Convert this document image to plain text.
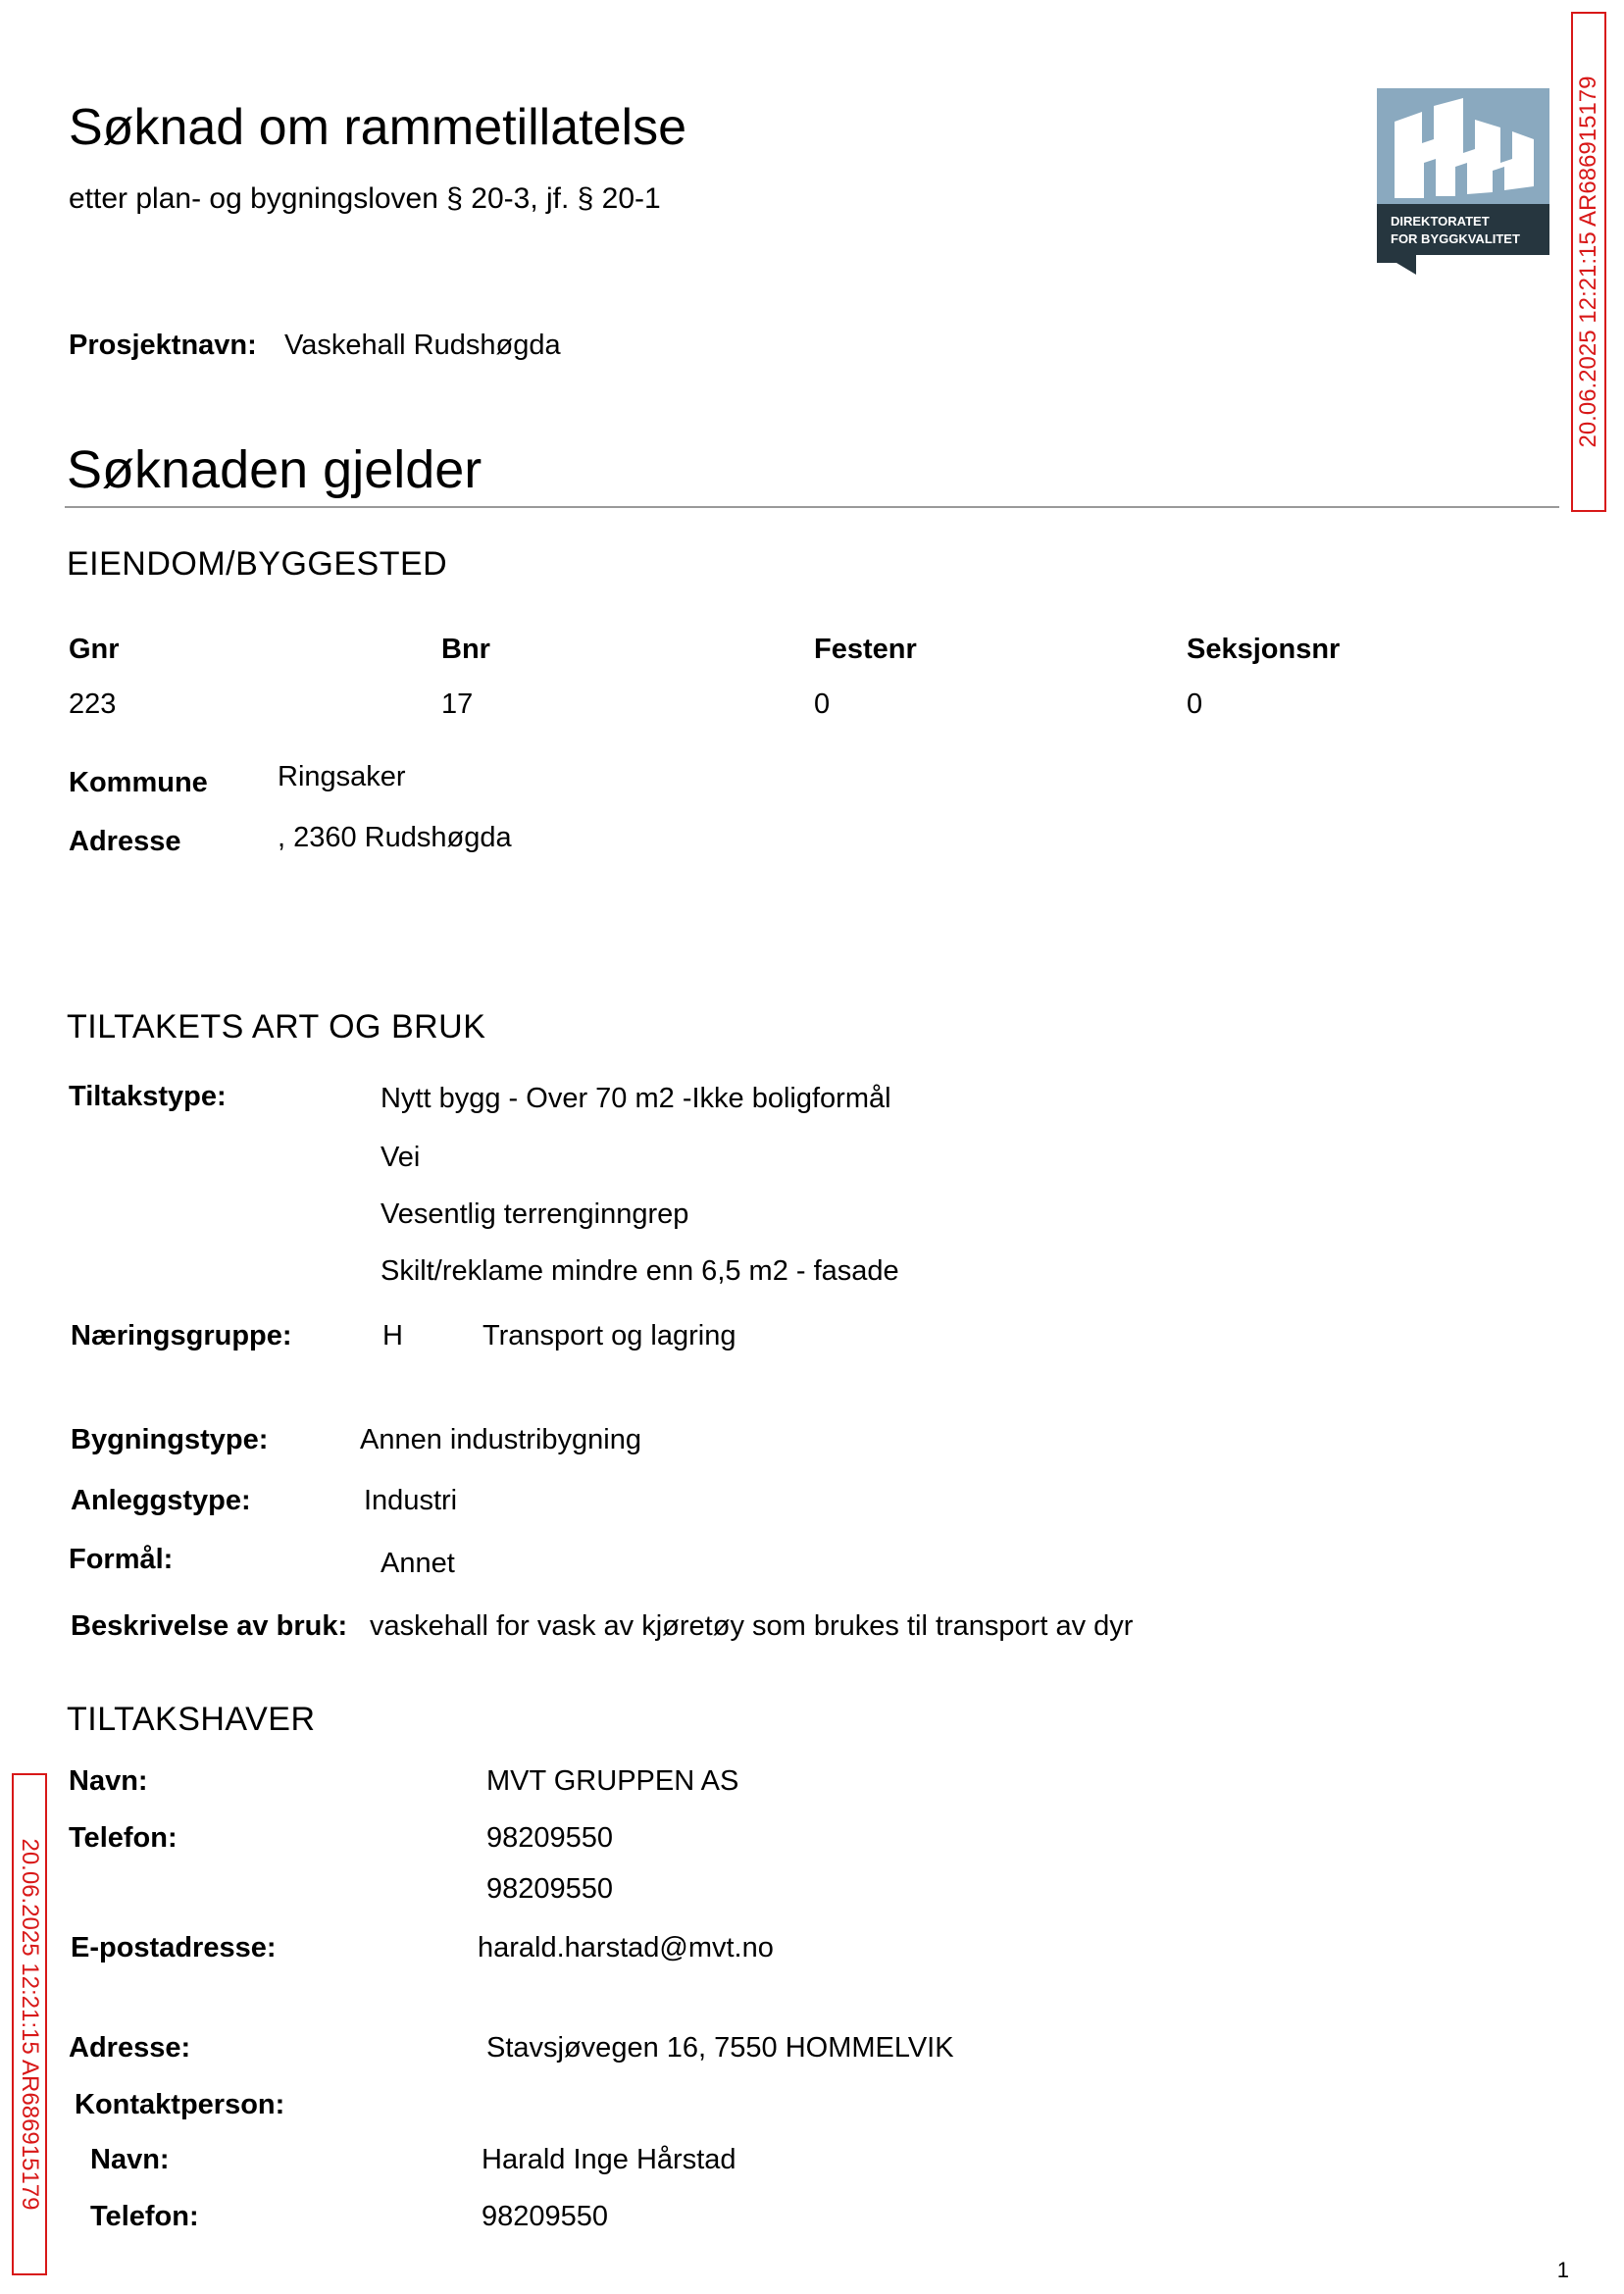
Søknad om rammetillatelse
etter plan- og bygningsloven § 20-3, jf. § 20-1
DIREKTORATET
FOR BYGGKVALITET 20.06.2025 12:21:15 AR686915179
20.06.2025 12:21:15 AR686915179
Prosjektnavn: Vaskehall Rudshøgda
Søknaden gjelder
EIENDOM/BYGGESTED
Gnr	Bnr	Festenr	Seksjonsnr
223	17	0	0
Kommune Ringsaker
Adresse	, 2360 Rudshøgda
TILTAKETS ART OG BRUK
Tiltakstype:	Nytt bygg - Over 70 m2 -Ikke boligformål
Vei
Vesentlig terrenginngrep
Skilt/reklame mindre enn 6,5 m2 - fasade
Næringsgruppe:	H	Transport og lagring
Bygningstype:	Annen industribygning
Anleggstype:	Industri
Formål:	Annet
Beskrivelse av bruk: vaskehall for vask av kjøretøy som brukes til transport av dyr
TILTAKSHAVER
Navn:	MVT GRUPPEN AS
Telefon:	98209550
98209550
E-postadresse:	harald.harstad@mvt.no
Adresse:	Stavsjøvegen 16, 7550 HOMMELVIK
Kontaktperson:
Navn:	Harald Inge Hårstad
Telefon:	98209550
1
